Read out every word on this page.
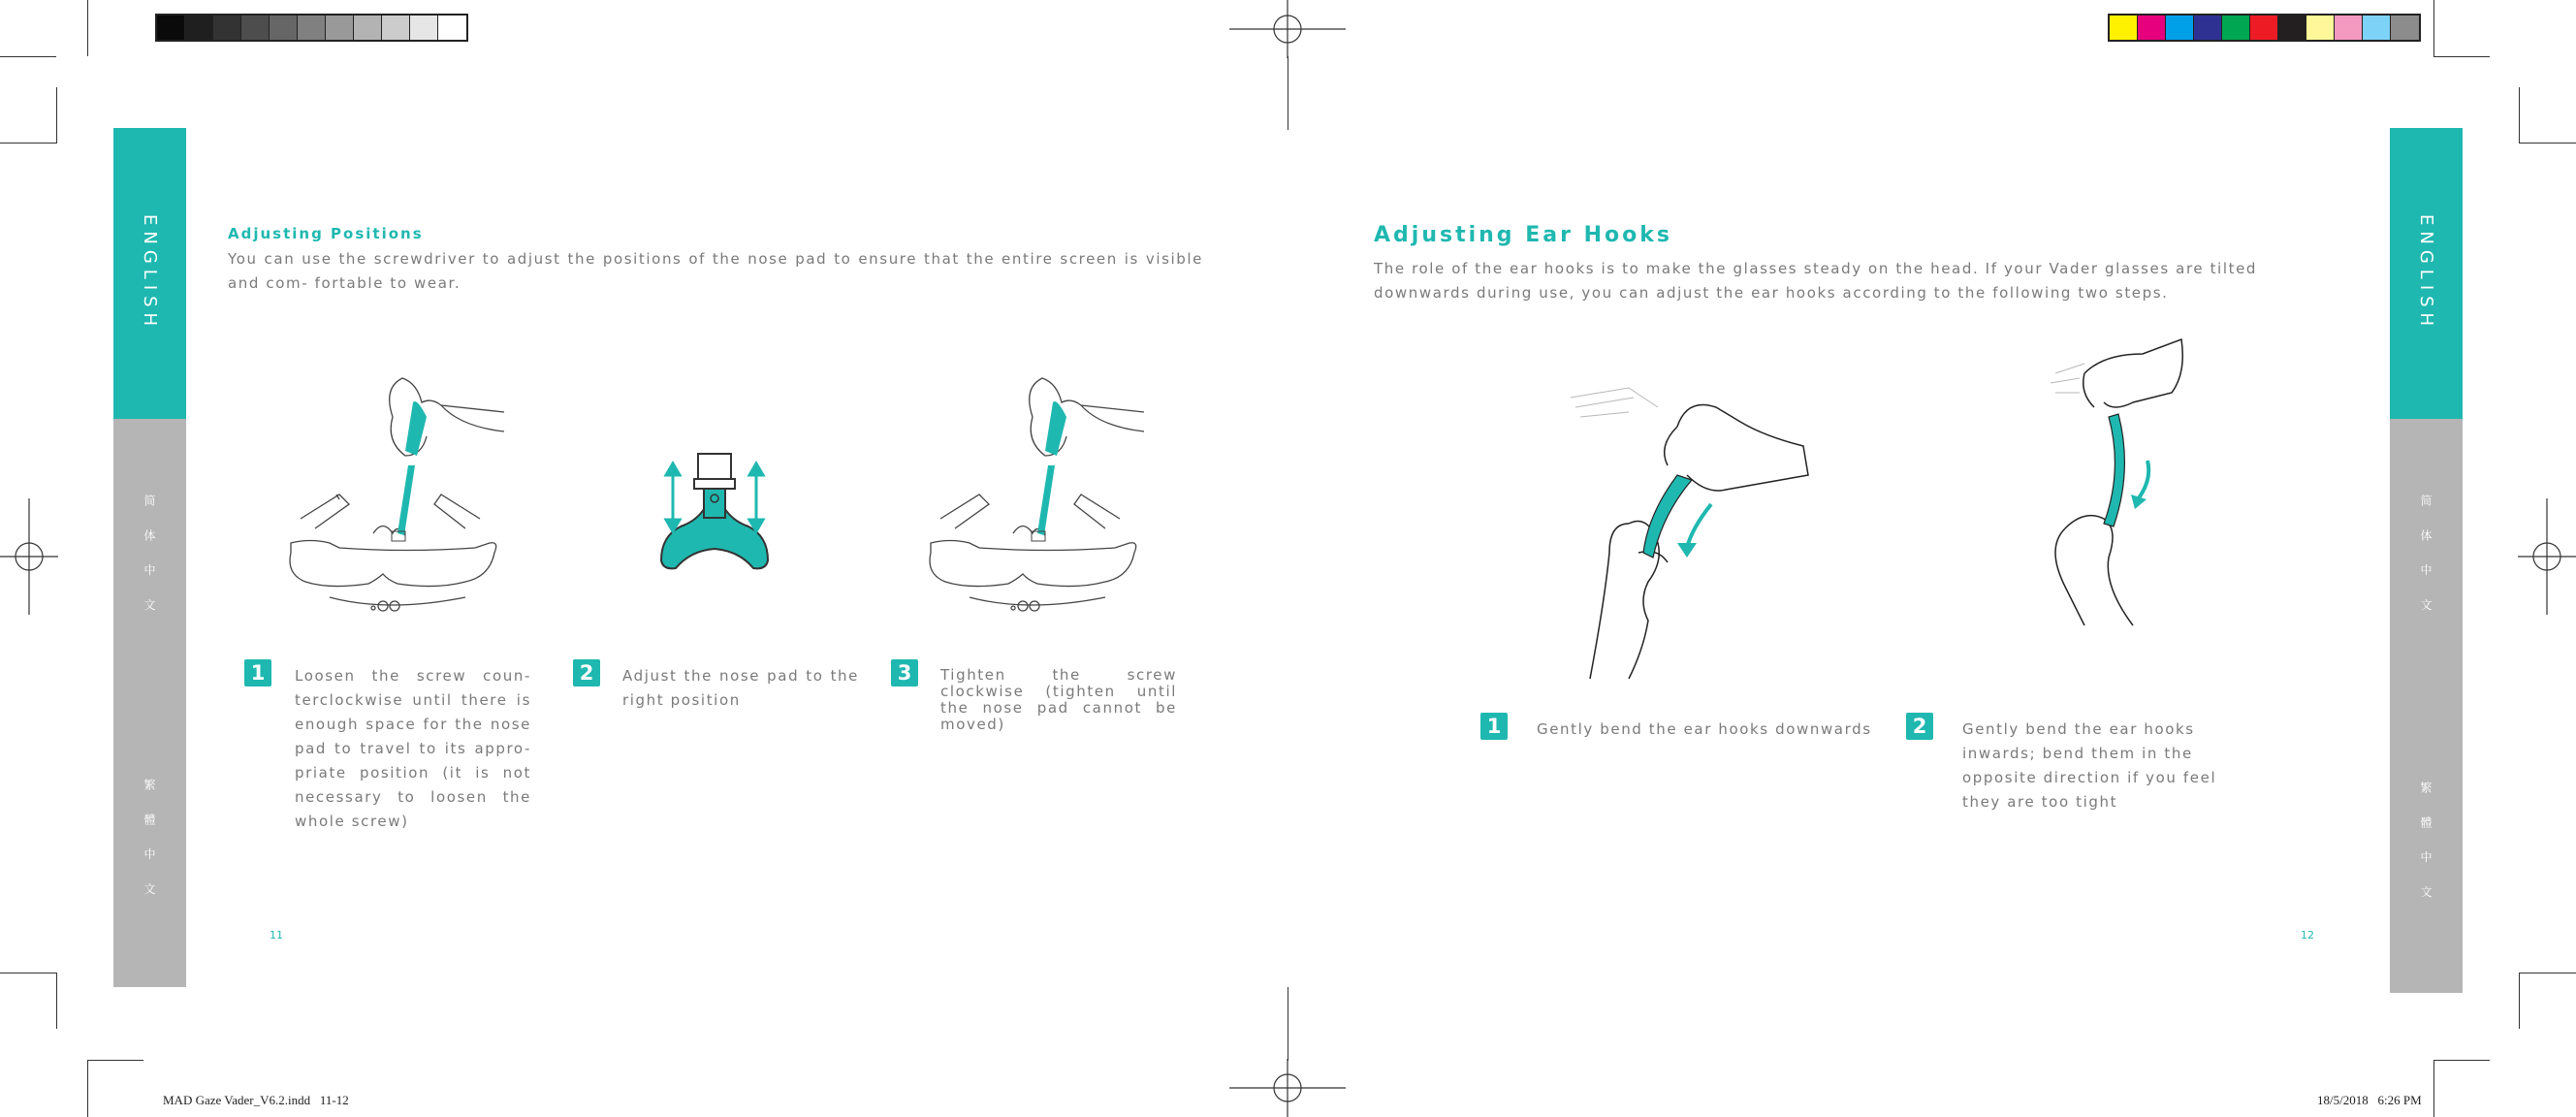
ENGLISH
简 体 中 文
繁 體 中 文
ENGLISH
简 体 中 文
繁 體 中 文
Adjusting Positions
You can use the screwdriver to adjust the positions of the nose pad to ensure that the entire screen is visible and com- fortable to wear.
1	Loosen the screw coun- terclockwise until there is enough space for the nose pad to travel to its appro- priate position (it is not necessary to loosen the whole screw)
2	Adjust the nose pad to the right position
3	Tighten the screw clockwise (tighten until the nose pad cannot be moved)
11
Adjusting Ear Hooks
The role of the ear hooks is to make the glasses steady on the head. If your Vader glasses are tilted downwards during use, you can adjust the ear hooks according to the following two steps.
1	Gently bend the ear hooks downwards	2	Gently bend the ear hooks inwards; bend them in the opposite direction if you feel they are too tight
12
MAD Gaze Vader_V6.2.indd   11-12	18/5/2018   6:26 PM
